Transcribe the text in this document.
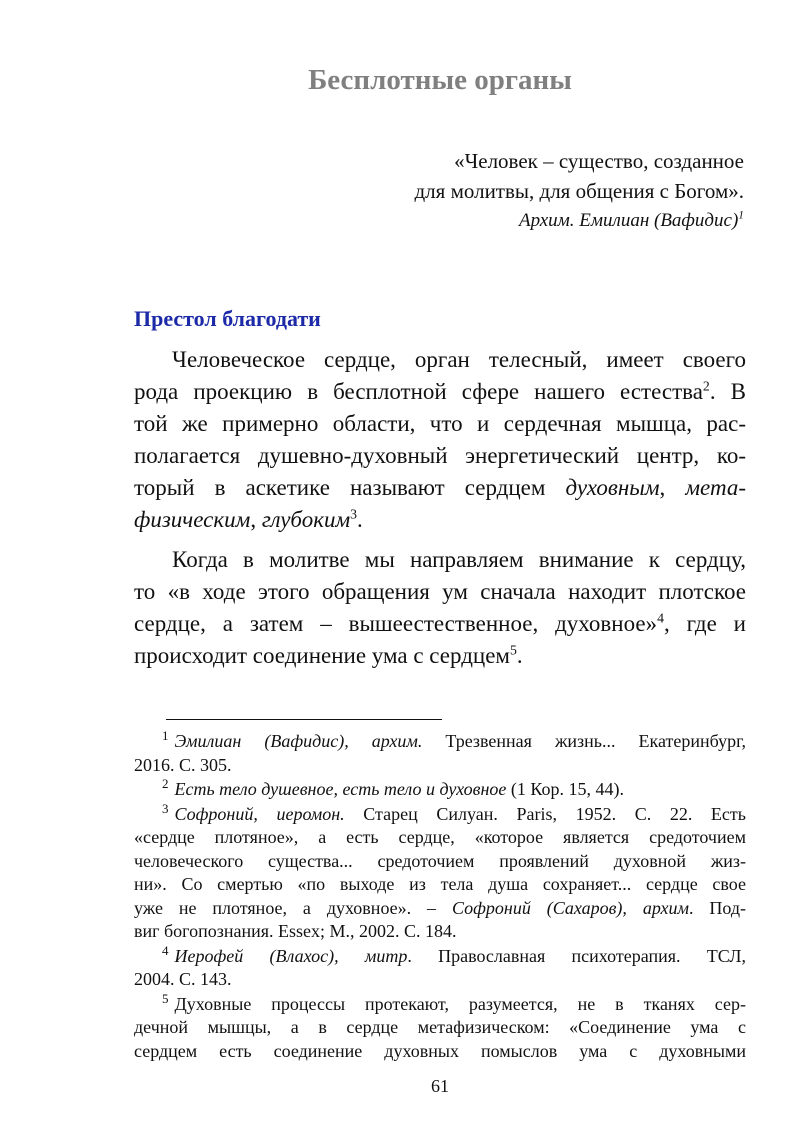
Бесплотные органы
«Человек – существо, созданное
для молитвы, для общения с Богом».
Архим. Емилиан (Вафидис)$^1$
Престол благодати

Человеческое сердце, орган телесный, имеет своего
рода проекцию в бесплотной сфере нашего естества$^2$. В
той же примерно области, что и сердечная мышца, рас-
полагается душевно-духовный энергетический центр, ко-
торый в аскетике называют сердцем духовным, мета-
физическим, глубоким$^3$.

Когда в молитве мы направляем внимание к сердцу,
то «в ходе этого обращения ум сначала находит плотское
сердце, а затем – вышеестественное, духовное»$^4$, где и
происходит соединение ума с сердцем$^5$.

$^1$ Эмилиан (Вафидис), архим. Трезвенная жизнь... Екатеринбург,
2016. С. 305.
$^2$ Есть тело душевное, есть тело и духовное (1 Кор. 15, 44).
$^3$ Софроний, иеромон. Старец Силуан. Paris, 1952. С. 22. Есть
«сердце плотяное», а есть сердце, «которое является средоточием
человеческого существа... средоточием проявлений духовной жиз-
ни». Со смертью «по выходе из тела душа сохраняет... сердце свое
уже не плотяное, а духовное». – Софроний (Сахаров), архим. Под-
виг богопознания. Essex; М., 2002. С. 184.
$^4$ Иерофей (Влахос), митр. Православная психотерапия. ТСЛ,
2004. С. 143.
$^5$ Духовные процессы протекают, разумеется, не в тканях сер-
дечной мышцы, а в сердце метафизическом: «Соединение ума с
сердцем есть соединение духовных помыслов ума с духовными
61
